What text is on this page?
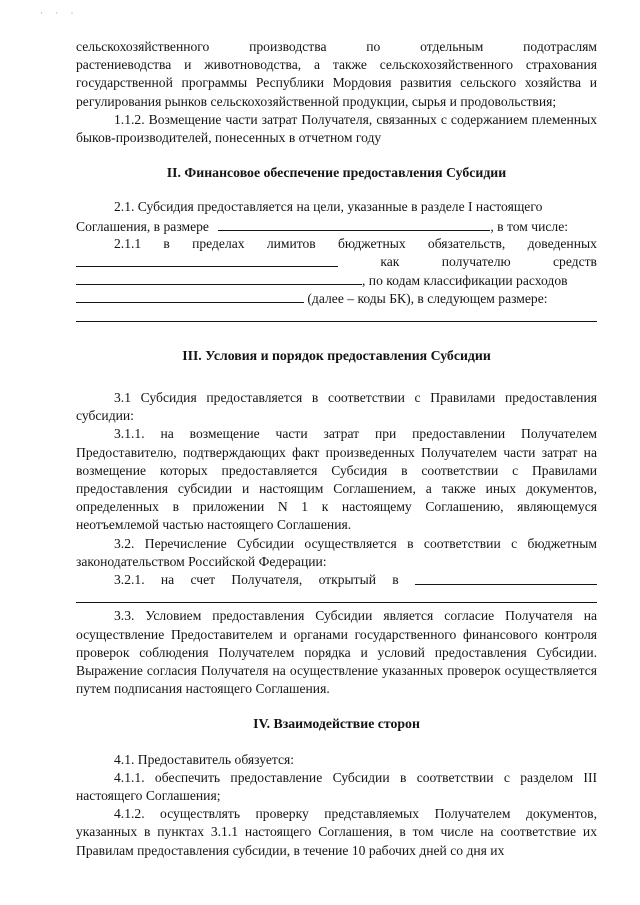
· · ·
сельскохозяйственного	производства	по	отдельным	подотраслям

растениеводства и животноводства, а также сельскохозяйственного страхования государственной программы Республики Мордовия развития сельского хозяйства и регулирования рынков сельскохозяйственной продукции, сырья и продовольствия;

1.1.2. Возмещение части затрат Получателя, связанных с содержанием племенных быков-производителей, понесенных в отчетном году

II. Финансовое обеспечение предоставления Субсидии

2.1. Субсидия предоставляется на цели, указанные в разделе I настоящего

Соглашения, в размере	, в том числе:
2.1.1 в пределах лимитов бюджетных обязательств, доведенных
как	получателю	средств
, по кодам классификации расходов
(далее – коды БК), в следующем размере:

III. Условия и порядок предоставления Субсидии

3.1 Субсидия предоставляется в соответствии с Правилами предоставления субсидии:

3.1.1. на возмещение части затрат при предоставлении Получателем Предоставителю, подтверждающих факт произведенных Получателем части затрат на возмещение которых предоставляется Субсидия в соответствии с Правилами предоставления субсидии и настоящим Соглашением, а также иных документов, определенных в приложении N 1 к настоящему Соглашению, являющемуся неотъемлемой частью настоящего Соглашения.

3.2. Перечисление Субсидии осуществляется в соответствии с бюджетным законодательством Российской Федерации:

3.2.1. на счет Получателя, открытый в

3.3. Условием предоставления Субсидии является согласие Получателя на осуществление Предоставителем и органами государственного финансового контроля проверок соблюдения Получателем порядка и условий предоставления Субсидии. Выражение согласия Получателя на осуществление указанных проверок осуществляется путем подписания настоящего Соглашения.

IV. Взаимодействие сторон

4.1. Предоставитель обязуется:

4.1.1. обеспечить предоставление Субсидии в соответствии с разделом III настоящего Соглашения;

4.1.2. осуществлять проверку представляемых Получателем документов, указанных в пунктах 3.1.1 настоящего Соглашения, в том числе на соответствие их Правилам предоставления субсидии, в течение 10 рабочих дней со дня их
